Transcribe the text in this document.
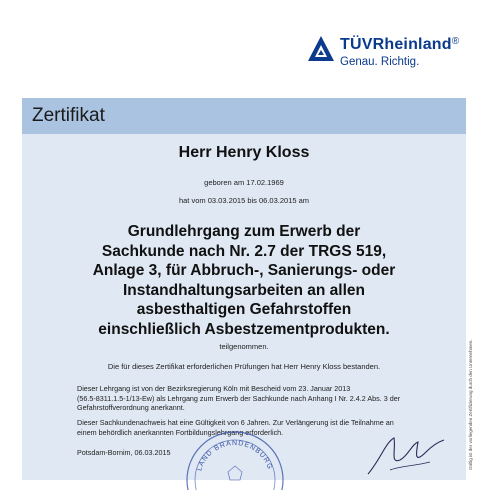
TÜVRheinland®
Genau. Richtig.
Zertifikat
Herr Henry Kloss
geboren am 17.02.1969
hat vom 03.03.2015 bis 06.03.2015 am
Grundlehrgang zum Erwerb der
Sachkunde nach Nr. 2.7 der TRGS 519,
Anlage 3, für Abbruch-, Sanierungs- oder
Instandhaltungsarbeiten an allen
asbesthaltigen Gefahrstoffen
einschließlich Asbestzementprodukten.
teilgenommen.
Die für dieses Zertifikat erforderlichen Prüfungen hat Herr Henry Kloss bestanden.
Dieser Lehrgang ist von der Bezirksregierung Köln mit Bescheid vom 23. Januar 2013
(56.5-8311.1.5-1/13-Ew) als Lehrgang zum Erwerb der Sachkunde nach Anhang I Nr. 2.4.2 Abs. 3 der
Gefahrstoffverordnung anerkannt.
Dieser Sachkundenachweis hat eine Gültigkeit von 6 Jahren. Zur Verlängerung ist die Teilnahme an
einem behördlich anerkannten Fortbildungslehrgang erforderlich.
Potsdam-Bornim, 06.03.2015
LAND BRANDENBURG	Gültig ist der vorliegenden Zertifizierung durch den Unternehmen.
